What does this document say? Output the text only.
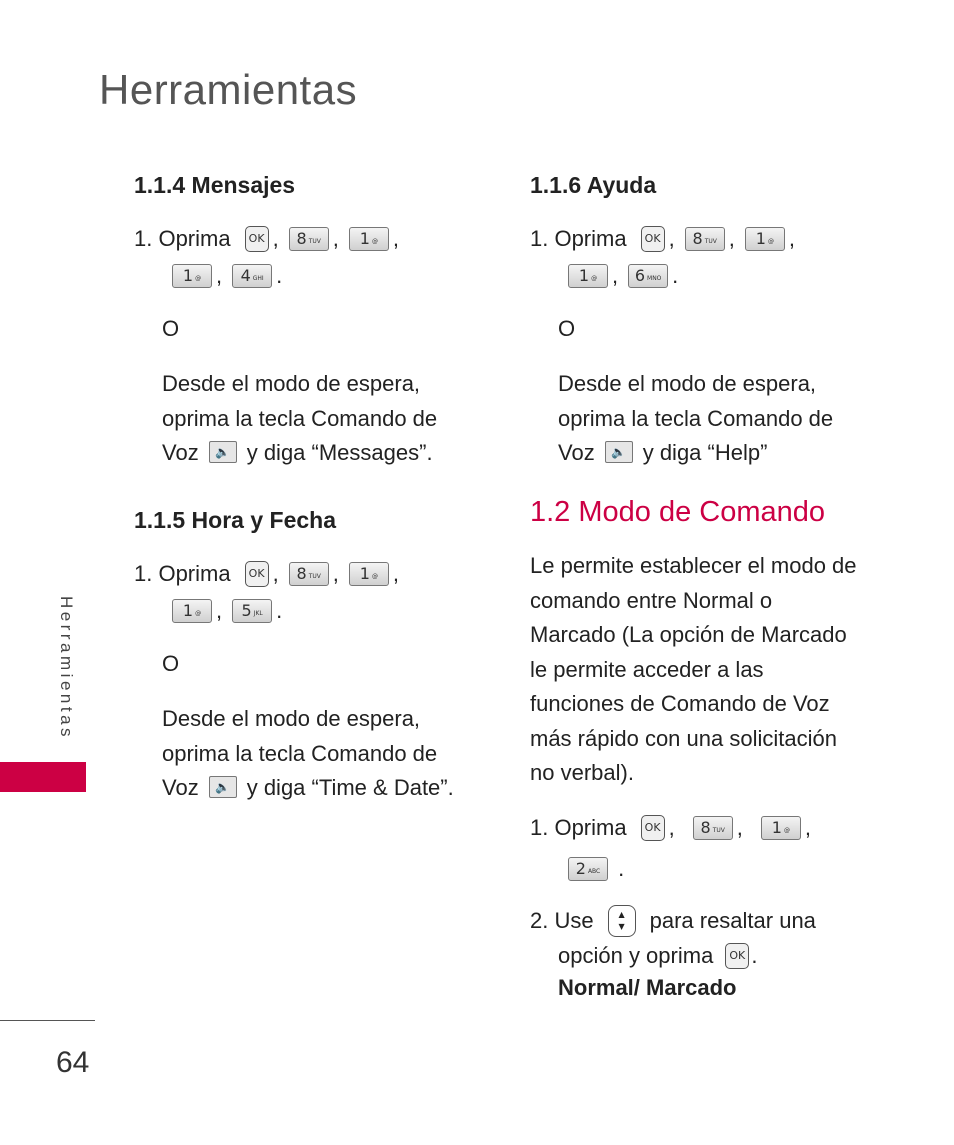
Herramientas
Herramientas
64
1.1.4 Mensajes
1. Oprima	OK , 8 TUV , 1 @ ,
1 @ , 4 GHI .
O
Desde el modo de espera,
oprima la tecla Comando de
Voz	🔈 y diga “Messages”.
1.1.5 Hora y Fecha
1. Oprima	OK , 8 TUV , 1 @ ,
1 @ , 5 JKL .
O
Desde el modo de espera,
oprima la tecla Comando de
Voz	🔈 y diga “Time & Date”.
1.1.6 Ayuda
1. Oprima	OK , 8 TUV , 1 @ ,
1 @ , 6 MNO .
O
Desde el modo de espera,
oprima la tecla Comando de
Voz	🔈 y diga “Help”
1.2 Modo de Comando
Le permite establecer el modo de
comando entre Normal o
Marcado (La opción de Marcado
le permite acceder a las
funciones de Comando de Voz
más rápido con una solicitación
no verbal).
1. Oprima	OK , 8 TUV , 1 @ ,
2 ABC .
2. Use	▲
▼ para resaltar una
opción y oprima	OK .
Normal/ Marcado
